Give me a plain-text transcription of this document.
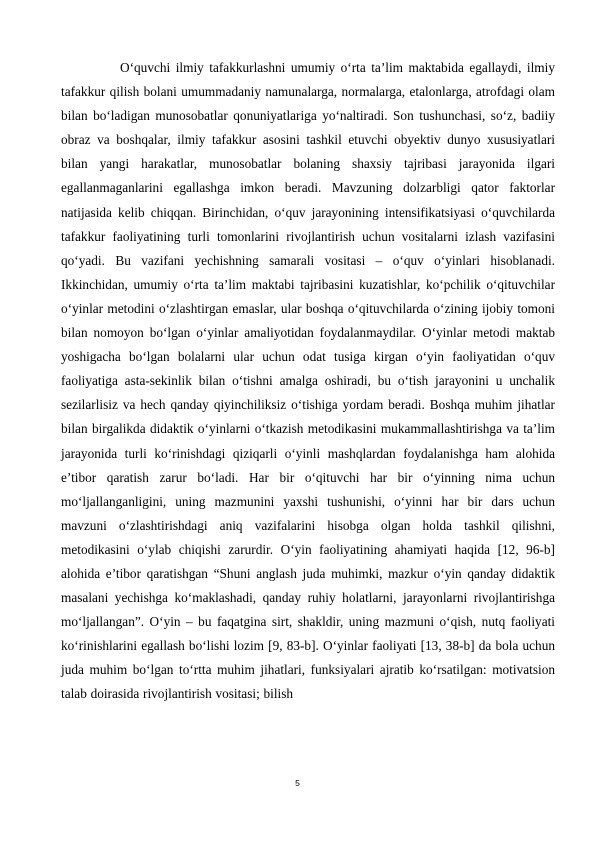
O‘quvchi ilmiy tafakkurlashni umumiy o‘rta ta’lim maktabida egallaydi, ilmiy tafakkur qilish bolani umummadaniy namunalarga, normalarga, etalonlarga, atrofdagi olam bilan bo‘ladigan munosobatlar qonuniyatlariga yo‘naltiradi. Son tushunchasi, so‘z, badiiy obraz va boshqalar, ilmiy tafakkur asosini tashkil etuvchi obyektiv dunyo xususiyatlari bilan yangi harakatlar, munosobatlar bolaning shaxsiy tajribasi jarayonida ilgari egallanmaganlarini egallashga imkon beradi. Mavzuning dolzarbligi qator faktorlar natijasida kelib chiqqan. Birinchidan, o‘quv jarayonining intensifikatsiyasi o‘quvchilarda tafakkur faoliyatining turli tomonlarini rivojlantirish uchun vositalarni izlash vazifasini qo‘yadi. Bu vazifani yechishning samarali vositasi – o‘quv o‘yinlari hisoblanadi. Ikkinchidan, umumiy o‘rta ta’lim maktabi tajribasini kuzatishlar, ko‘pchilik o‘qituvchilar o‘yinlar metodini o‘zlashtirgan emaslar, ular boshqa o‘qituvchilarda o‘zining ijobiy tomoni bilan nomoyon bo‘lgan o‘yinlar amaliyotidan foydalanmaydilar. O‘yinlar metodi maktab yoshigacha bo‘lgan bolalarni ular uchun odat tusiga kirgan o‘yin faoliyatidan o‘quv faoliyatiga asta-sekinlik bilan o‘tishni amalga oshiradi, bu o‘tish jarayonini u unchalik sezilarlisiz va hech qanday qiyinchiliksiz o‘tishiga yordam beradi. Boshqa muhim jihatlar bilan birgalikda didaktik o‘yinlarni o‘tkazish metodikasini mukammallashtirishga va ta’lim jarayonida turli ko‘rinishdagi qiziqarli o‘yinli mashqlardan foydalanishga ham alohida e’tibor qaratish zarur bo‘ladi. Har bir o‘qituvchi har bir o‘yinning nima uchun mo‘ljallanganligini, uning mazmunini yaxshi tushunishi, o‘yinni har bir dars uchun mavzuni o‘zlashtirishdagi aniq vazifalarini hisobga olgan holda tashkil qilishni, metodikasini o‘ylab chiqishi zarurdir. O‘yin faoliyatining ahamiyati haqida [12, 96-b] alohida e’tibor qaratishgan “Shuni anglash juda muhimki, mazkur o‘yin qanday didaktik masalani yechishga ko‘maklashadi, qanday ruhiy holatlarni, jarayonlarni rivojlantirishga mo‘ljallangan”. O‘yin – bu faqatgina sirt, shakldir, uning mazmuni o‘qish, nutq faoliyati ko‘rinishlarini egallash bo‘lishi lozim [9, 83-b]. O‘yinlar faoliyati [13, 38-b] da bola uchun juda muhim bo‘lgan to‘rtta muhim jihatlari, funksiyalari ajratib ko‘rsatilgan: motivatsion talab doirasida rivojlantirish vositasi; bilish

5
